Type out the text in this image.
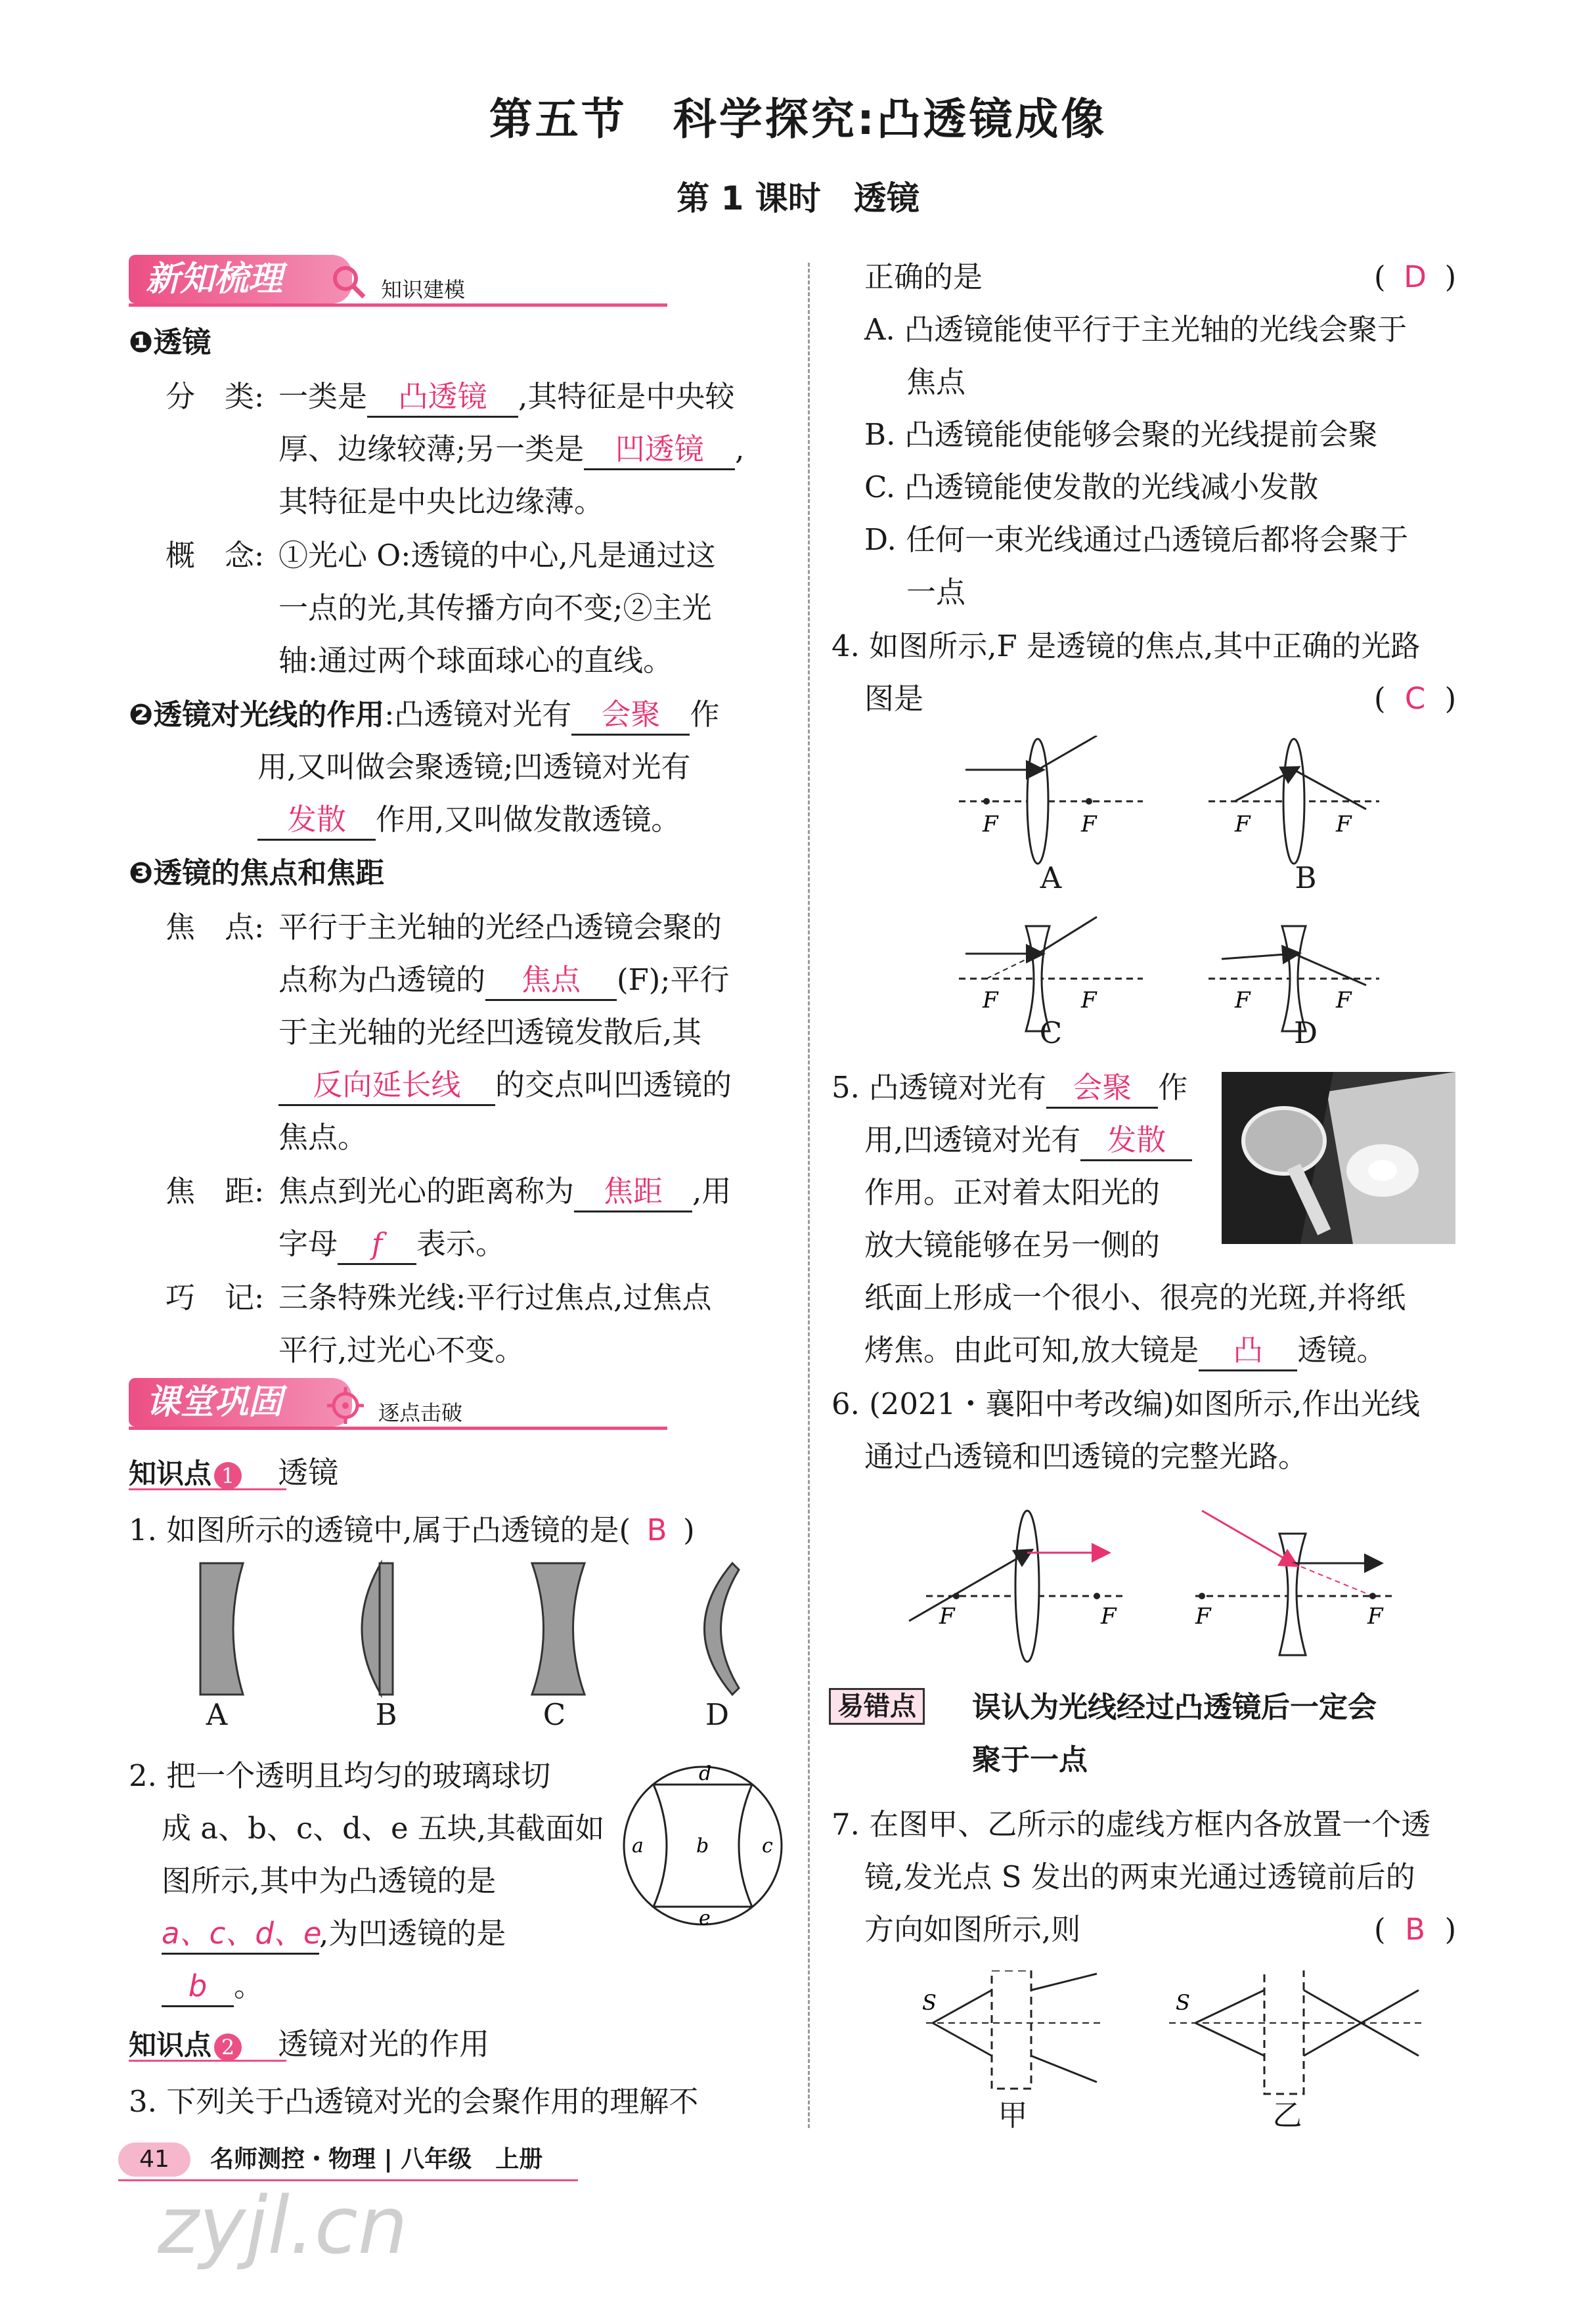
第五节　科学探究:凸透镜成像
第 1 课时　透镜
新知梳理	知识建模
❶透镜
分　类: 一类是 凸透镜 ,其特征是中央较
厚、边缘较薄;另一类是 凹透镜 ,
其特征是中央比边缘薄。
概　念: ①光心 O:透镜的中心,凡是通过这
一点的光,其传播方向不变;②主光
轴:通过两个球面球心的直线。
❷透镜对光线的作用:凸透镜对光有 会聚 作
用,又叫做会聚透镜;凹透镜对光有
发散 作用,又叫做发散透镜。
❸透镜的焦点和焦距
焦　点: 平行于主光轴的光经凸透镜会聚的
点称为凸透镜的 焦点 (F);平行
于主光轴的光经凹透镜发散后,其
反向延长线 的交点叫凹透镜的
焦点。
焦　距: 焦点到光心的距离称为 焦距 ,用
字母 f 表示。
巧　记: 三条特殊光线:平行过焦点,过焦点
平行,过光心不变。
课堂巩固	逐点击破
知识点 1 透镜
1. 如图所示的透镜中,属于凸透镜的是( B )
A	B	C	D
2. 把一个透明且均匀的玻璃球切
成 a、b、c、d、e 五块,其截面如
图所示,其中为凸透镜的是
a、c、d、e,为凹透镜的是
b 。
d
a	b	c
e
知识点 2 透镜对光的作用
3. 下列关于凸透镜对光的会聚作用的理解不
正确的是	( D )
A. 凸透镜能使平行于主光轴的光线会聚于
焦点
B. 凸透镜能使能够会聚的光线提前会聚
C. 凸透镜能使发散的光线减小发散
D. 任何一束光线通过凸透镜后都将会聚于
一点
4. 如图所示,F 是透镜的焦点,其中正确的光路
图是	( C )
F	F	F	F
F	F	F	F
A	B
C	D
5. 凸透镜对光有 会聚 作
用,凹透镜对光有 发散
作用。正对着太阳光的
放大镜能够在另一侧的
纸面上形成一个很小、很亮的光斑,并将纸
烤焦。由此可知,放大镜是 凸 透镜。
6. (2021・襄阳中考改编)如图所示,作出光线
通过凸透镜和凹透镜的完整光路。
F	F	F	F
易错点 误认为光线经过凸透镜后一定会
聚于一点
7. 在图甲、乙所示的虚线方框内各放置一个透
镜,发光点 S 发出的两束光通过透镜前后的
方向如图所示,则	( B )
S	S
甲	乙
41	名师测控・物理 | 八年级　上册
zyjl.cn
